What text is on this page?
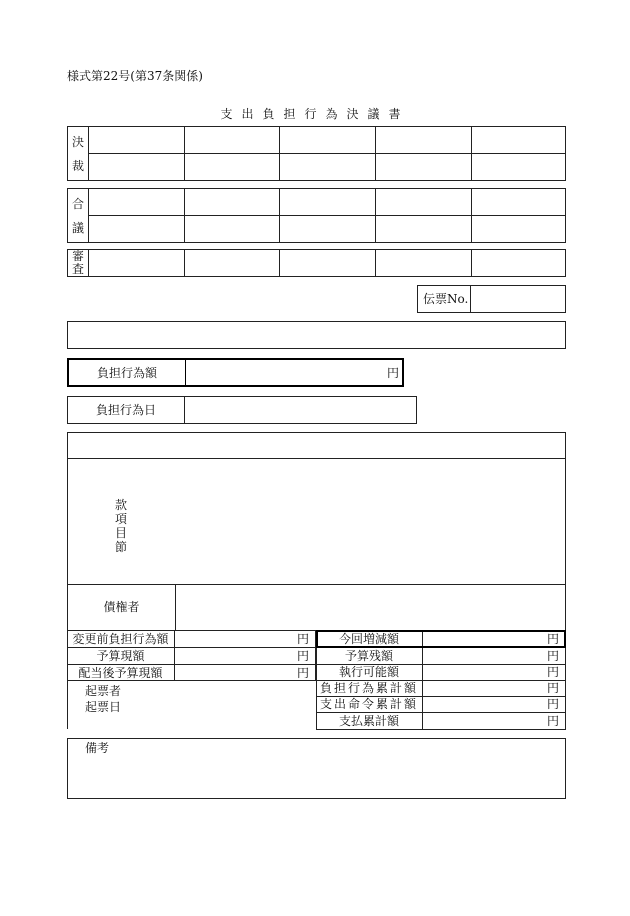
様式第22号(第37条関係)
支出負担行為決議書
決
裁
合
議
審
査
伝票No.
負担行為額	円
負担行為日
款
項
目
節
債権者
変更前負担行為額	円
予算現額	円
配当後予算現額	円
起票者
起票日
今回増減額	円
予算残額	円
執行可能額	円
負担行為累計額	円
支出命令累計額	円
支払累計額	円
備考
